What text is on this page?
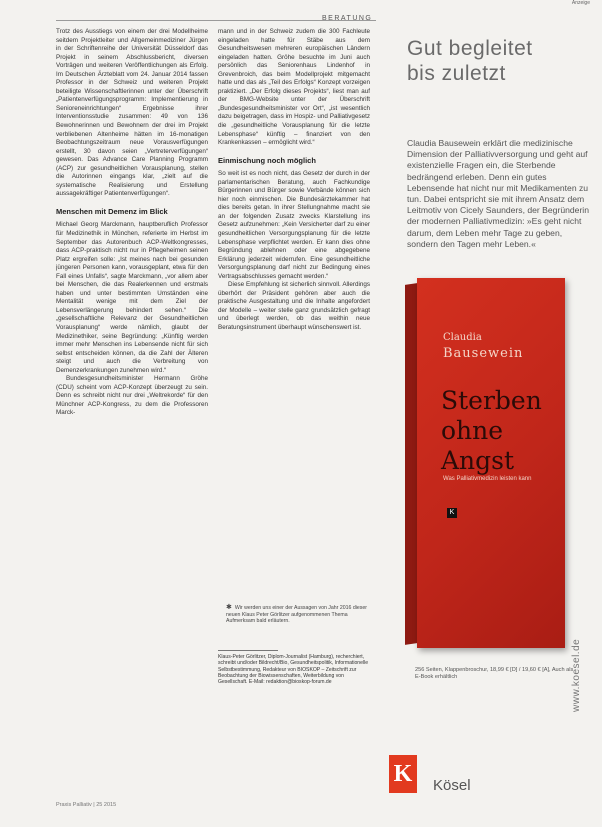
Anzeige
BERATUNG

Trotz des Ausstiegs von einem der drei Modellheime seitdem Projektleiter und Allgemeinmediziner Jürgen in der Schriftenreihe der Universität Düsseldorf das Projekt in seinem Abschlussbericht, diversen Vorträgen und weiteren Veröffentlichungen als Erfolg. Im Deutschen Ärzteblatt vom 24. Januar 2014 fassen Professor in der Schweiz und weiteren Projekt beteiligte Wissenschaftlerinnen unter der Überschrift „Patientenverfügungsprogramm: Implementierung in Senioreneinrichtungen“ Ergebnisse ihrer Interventionsstudie zusammen: 49 von 136 Bewohnerinnen und Bewohnern der drei im Projekt verbliebenen Altenheime hätten im 16-monatigen Beobachtungszeitraum neue Vorausverfügungen erstellt, 30 davon seien „Vertreterverfügungen“ gewesen. Das Advance Care Planning Programm (ACP) zur gesundheitlichen Vorausplanung, stellen die Autorinnen eingangs klar, „zielt auf die systematische Realisierung und Erstellung aussagekräftiger Patientenverfügungen“.

Menschen mit Demenz im Blick

Michael Georg Marckmann, hauptberuflich Professor für Medizinethik in München, referierte im Herbst im September das Autorenbuch ACP-Weltkongresses, dass ACP-praktisch nicht nur in Pflegeheimen seinen Platz ergreifen solle: „Ist meines nach bei gesunden jüngeren Personen kann, vorausgeplant, etwa für den Fall eines Unfalls“, sagte Marckmann, „vor allem aber bei Menschen, die das Realerkennen und erstmals haben und unter bestimmten Umständen eine Mentalität wenige mit dem Ziel der Lebensverlängerung behindert sehen.“ Die „gesellschaftliche Relevanz der Gesundheitlichen Vorausplanung“ werde nämlich, glaubt der Medizinethiker, seine Begründung: „Künftig werden immer mehr Menschen ins Lebensende nicht für sich selbst entscheiden können, da die Zahl der Älteren steigt und auch die Verbreitung von Demenzerkrankungen zunehmen wird.“

Bundesgesundheitsminister Hermann Gröhe (CDU) scheint vom ACP-Konzept überzeugt zu sein. Denn es schreibt nicht nur drei „Weltrekorde“ für den Münchner ACP-Kongress, zu dem die Professoren Marck-

mann und in der Schweiz zudem die 300 Fachleute eingeladen hatte für Stäbe aus dem Gesundheitswesen mehreren europäischen Ländern eingeladen hatten. Gröhe besuchte im Juni auch persönlich das Seniorenhaus Lindenhof in Grevenbroich, das beim Modellprojekt mitgemacht hatte und das als „Teil des Erfolgs“ Konzept vorzeigen praktiziert. „Der Erfolg dieses Projekts“, liest man auf der BMG-Website unter der Überschrift „Bundesgesundheitsminister vor Ort“, „ist wesentlich dazu beigetragen, dass im Hospiz- und Palliativgesetz die „gesundheitliche Vorausplanung für die letzte Lebensphase“ künftig – finanziert von den Krankenkassen – ermöglicht wird.“

Einmischung noch möglich

So weit ist es noch nicht, das Gesetz der durch in der parlamentarischen Beratung, auch Fachkundige Bürgerinnen und Bürger sowie Verbände können sich hier noch einmischen. Die Bundesärztekammer hat dies bereits getan. In ihrer Stellungnahme macht sie an der folgenden Zusatz zwecks Klarstellung ins Gesetz aufzunehmen: „Kein Versicherter darf zu einer gesundheitlichen Versorgungsplanung für die letzte Lebensphase verpflichtet werden. Er kann dies ohne Begründung ablehnen oder eine abgegebene Erklärung jederzeit widerrufen. Eine gesundheitliche Versorgungsplanung darf nicht zur Bedingung eines Vertragsabschlusses gemacht werden.“

Diese Empfehlung ist sicherlich sinnvoll. Allerdings überhört der Präsident gehören aber auch die praktische Ausgestaltung und die Inhalte angefordert der Modelle – weiter stelle ganz grundsätzlich gefragt und überlegt werden, ob das weithin neue Beratungsinstrument überhaupt wünschenswert ist.

✱ Wir werden uns einer der Aussagen von Jahr 2016 dieser neuen Klaus Peter Görlitzer aufgenommenen Thema Aufmerksam bald erläutern.
Klaus-Peter Görlitzer, Diplom-Journalist (Hamburg), recherchiert, schreibt und/oder Bildrecht/Bio, Gesundheitspolitik, Informationelle Selbstbestimmung, Redakteur von BIOSKOP – Zeitschrift zur Beobachtung der Biowissenschaften, Weiterbildung von Gesellschaft. E-Mail: redaktion@bioskop-forum.de
Praxis Palliativ | 25 2015
Gut begleitet
bis zuletzt
Claudia Bausewein erklärt die medizinische Dimension der Palliativversorgung und geht auf existenzielle Fragen ein, die Sterbende bedrängend erleben. Denn ein gutes Lebensende hat nicht nur mit Medikamenten zu tun. Dabei entspricht sie mit ihrem Ansatz dem Leitmotiv von Cicely Saunders, der Begründerin der modernen Palliativmedizin: »Es geht nicht darum, dem Leben mehr Tage zu geben, sondern den Tagen mehr Leben.«
Claudia
Bausewein
Sterben
ohne
Angst
Was Palliativmedizin leisten kann
K
256 Seiten, Klappenbroschur, 18,99 € [D] / 19,60 € [A], Auch als E-Book erhältlich
K Kösel
www.koesel.de
